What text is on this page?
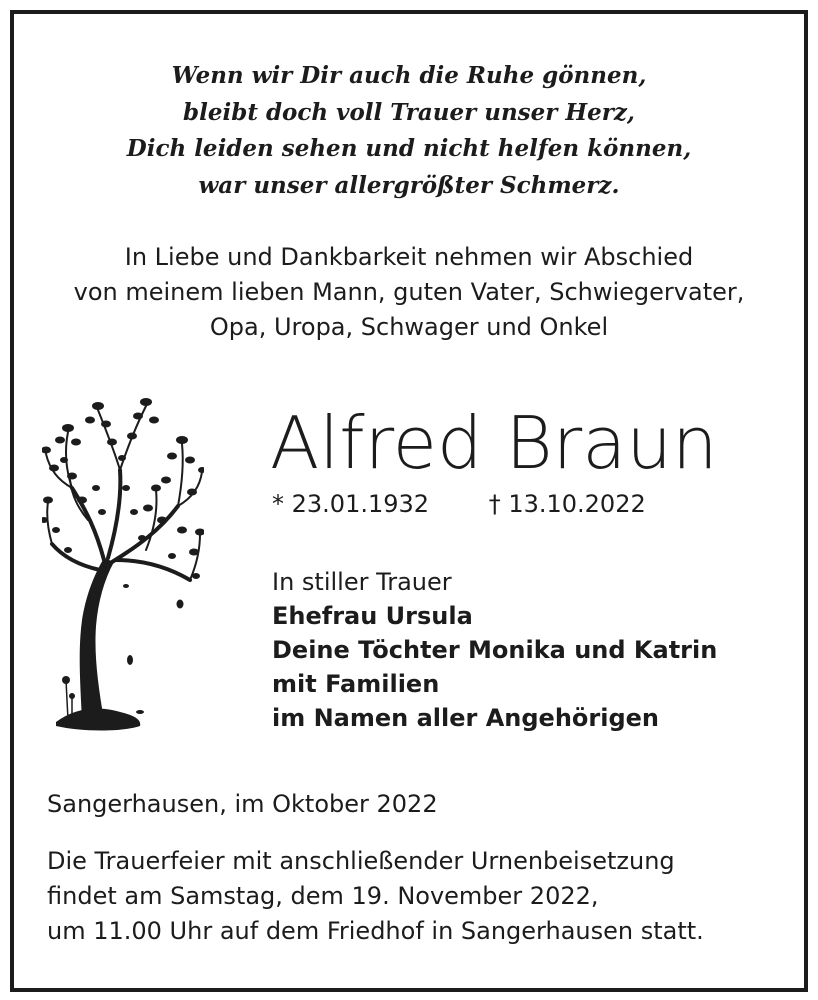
Wenn wir Dir auch die Ruhe gönnen,
bleibt doch voll Trauer unser Herz,
Dich leiden sehen und nicht helfen können,
war unser allergrößter Schmerz.
In Liebe und Dankbarkeit nehmen wir Abschied
von meinem lieben Mann, guten Vater, Schwiegervater,
Opa, Uropa, Schwager und Onkel
Alfred Braun
* 23.01.1932 † 13.10.2022
In stiller Trauer
Ehefrau Ursula
Deine Töchter Monika und Katrin
mit Familien
im Namen aller Angehörigen
Sangerhausen, im Oktober 2022
Die Trauerfeier mit anschließender Urnenbeisetzung
findet am Samstag, dem 19. November 2022,
um 11.00 Uhr auf dem Friedhof in Sangerhausen statt.
